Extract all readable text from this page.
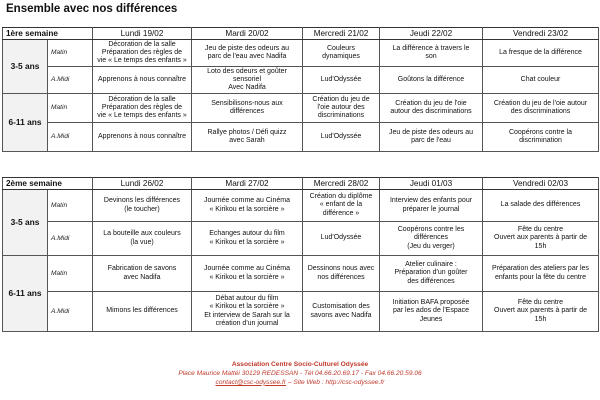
Ensemble avec nos différences
1ère semaine		Lundi 19/02	Mardi 20/02	Mercredi 21/02	Jeudi 22/02	Vendredi 23/02
3-5 ans	Matin	Décoration de la salle
Préparation des règles de
vie « Le temps des enfants »	Jeu de piste des odeurs au
parc de l'eau avec Nadifa	Couleurs
dynamiques	La différence à travers le
son	La fresque de la différence
	A.Midi	Apprenons à nous connaître	Loto des odeurs et goûter
sensoriel
Avec Nadifa	Lud'Odyssée	Goûtons la différence	Chat couleur
6-11 ans	Matin	Décoration de la salle
Préparation des règles de
vie « Le temps des enfants »	Sensibilisons-nous aux
différences	Création du jeu de
l'oie autour des
discriminations	Création du jeu de l'oie
autour des discriminations	Création du jeu de l'oie autour
des discriminations
	A.Midi	Apprenons à nous connaître	Rallye photos / Défi quizz
avec Sarah	Lud'Odyssée	Jeu de piste des odeurs au
parc de l'eau	Coopérons contre la
discrimination
2ème semaine		Lundi 26/02	Mardi 27/02	Mercredi 28/02	Jeudi 01/03	Vendredi 02/03
3-5 ans	Matin	Devinons les différences
(le toucher)	Journée comme au Cinéma
« Kirikou et la sorcière »	Création du diplôme
« enfant de la
différence »	Interview des enfants pour
préparer le journal	La salade des différences
	A.Midi	La bouteille aux couleurs
(la vue)	Echanges autour du film
« Kirikou et la sorcière »	Lud'Odyssée	Coopérons contre les
différences
(Jeu du verger)	Fête du centre
Ouvert aux parents à partir de
15h
6-11 ans	Matin	Fabrication de savons
avec Nadifa	Journée comme au Cinéma
« Kirikou et la sorcière »	Dessinons nous avec
nos différences	Atelier culinaire :
Préparation d'un goûter
des différences	Préparation des ateliers par les
enfants pour la fête du centre
	A.Midi	Mimons les différences	Débat autour du film
« Kirikou et la sorcière »
Et interview de Sarah sur la
création d'un journal	Customisation des
savons avec Nadifa	Initiation BAFA proposée
par les ados de l'Espace
Jeunes	Fête du centre
Ouvert aux parents à partir de
15h
Association Centre Socio-Culturel Odyssée
Place Maurice Mattéi 30129 REDESSAN - Tél 04.66.20.69.17 - Fax 04.66.20.59.06
contact@csc-odyssee.fr – Site Web : http://csc-odyssee.fr
